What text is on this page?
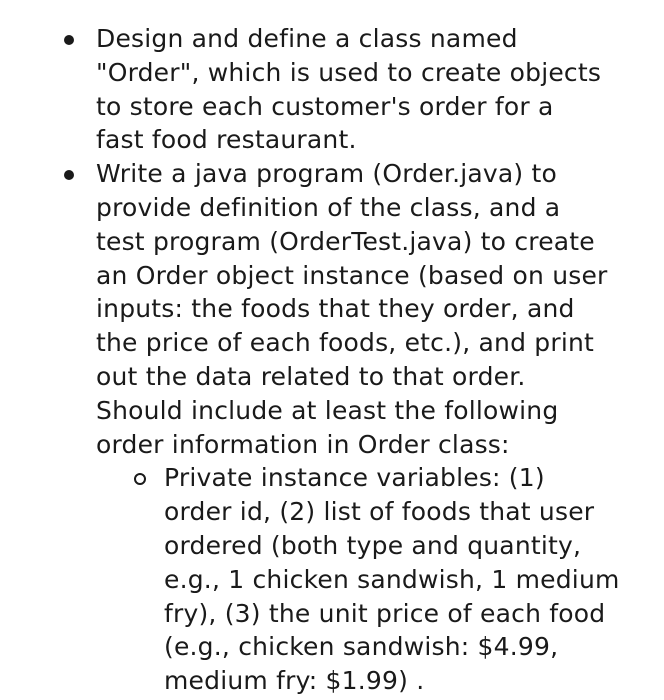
Design and define a class named
"Order", which is used to create objects
to store each customer's order for a
fast food restaurant.
Write a java program (Order.java) to
provide definition of the class, and a
test program (OrderTest.java) to create
an Order object instance (based on user
inputs: the foods that they order, and
the price of each foods, etc.), and print
out the data related to that order.
Should include at least the following
order information in Order class:
Private instance variables: (1)
order id, (2) list of foods that user
ordered (both type and quantity,
e.g., 1 chicken sandwish, 1 medium
fry), (3) the unit price of each food
(e.g., chicken sandwish: $4.99,
medium fry: $1.99) .
